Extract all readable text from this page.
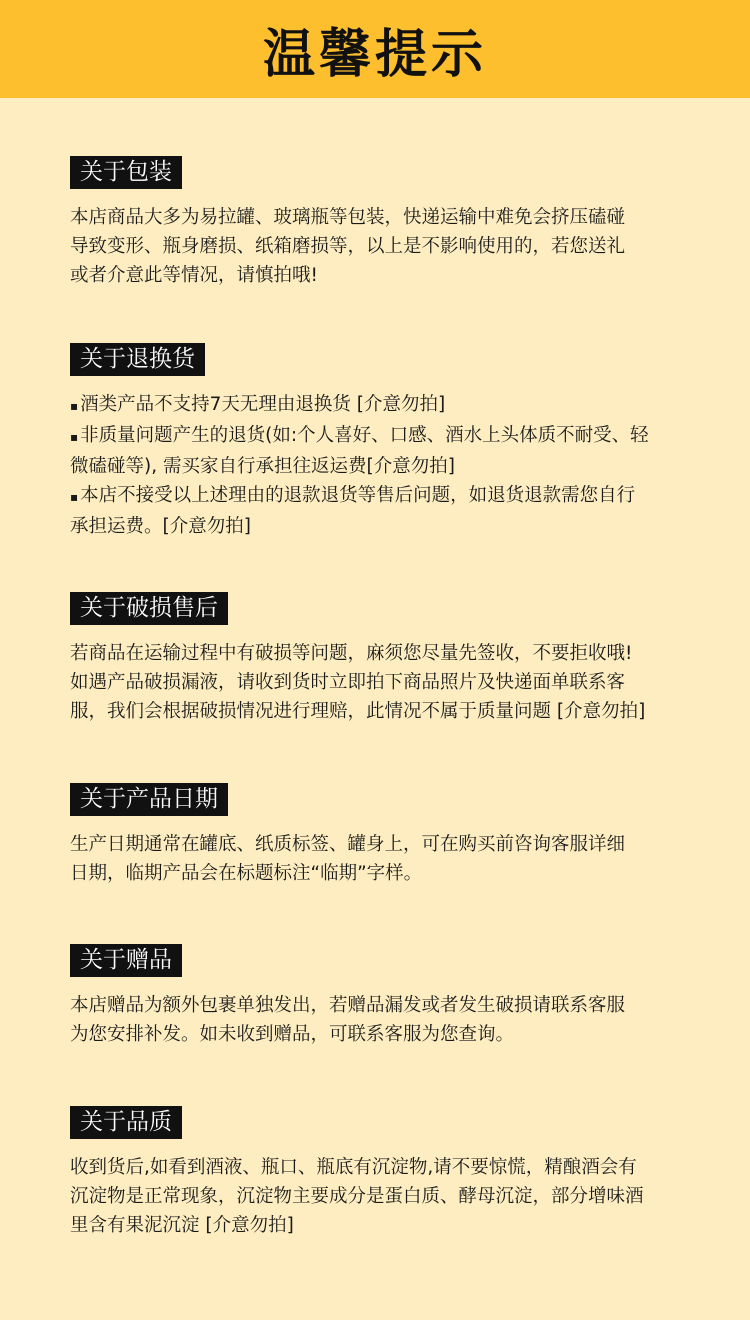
温馨提示
关于包装

本店商品大多为易拉罐、玻璃瓶等包装，快递运输中难免会挤压磕碰

导致变形、瓶身磨损、纸箱磨损等，以上是不影响使用的，若您送礼

或者介意此等情况，请慎拍哦!

关于退换货

▪ 酒类产品不支持7天无理由退换货 [介意勿拍]

▪ 非质量问题产生的退货(如:个人喜好、口感、酒水上头体质不耐受、轻

微磕碰等), 需买家自行承担往返运费[介意勿拍]

▪ 本店不接受以上述理由的退款退货等售后问题，如退货退款需您自行

承担运费。[介意勿拍]

关于破损售后

若商品在运输过程中有破损等问题，麻须您尽量先签收，不要拒收哦!

如遇产品破损漏液，请收到货时立即拍下商品照片及快递面单联系客

服，我们会根据破损情况进行理赔，此情况不属于质量问题 [介意勿拍]

关于产品日期

生产日期通常在罐底、纸质标签、罐身上，可在购买前咨询客服详细

日期，临期产品会在标题标注“临期”字样。

关于赠品

本店赠品为额外包裹单独发出，若赠品漏发或者发生破损请联系客服

为您安排补发。如未收到赠品，可联系客服为您查询。

关于品质

收到货后,如看到酒液、瓶口、瓶底有沉淀物,请不要惊慌，精酿酒会有

沉淀物是正常现象，沉淀物主要成分是蛋白质、酵母沉淀，部分增味酒

里含有果泥沉淀 [介意勿拍]
